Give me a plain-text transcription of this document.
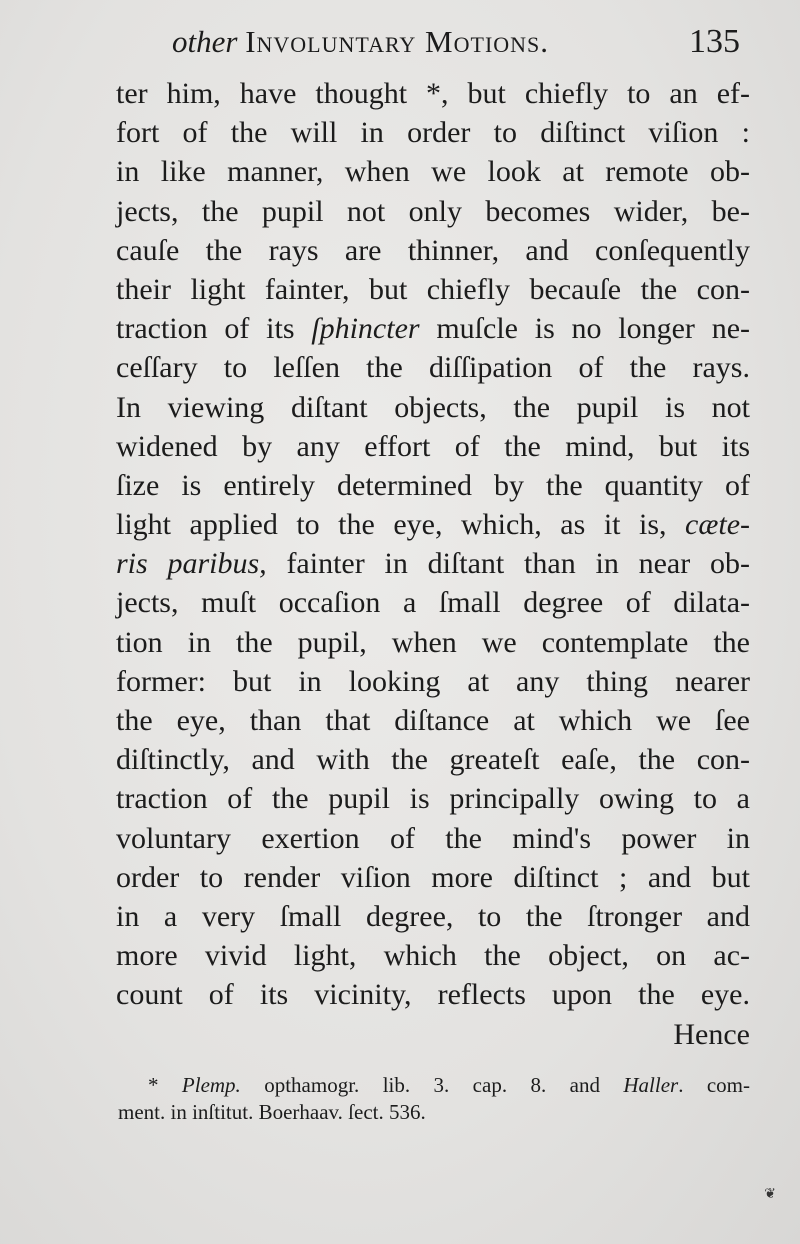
other Involuntary Motions.	135
ter him, have thought *, but chiefly to an ef-
fort of the will in order to diſtinct viſion :
in like manner, when we look at remote ob-
jects, the pupil not only becomes wider, be-
cauſe the rays are thinner, and conſequently
their light fainter, but chiefly becauſe the con-
traction of its ſphincter muſcle is no longer ne-
ceſſary to leſſen the diſſipation of the rays.
In viewing diſtant objects, the pupil is not
widened by any effort of the mind, but its
ſize is entirely determined by the quantity of
light applied to the eye, which, as it is, cæte-
ris paribus, fainter in diſtant than in near ob-
jects, muſt occaſion a ſmall degree of dilata-
tion in the pupil, when we contemplate the
former: but in looking at any thing nearer
the eye, than that diſtance at which we ſee
diſtinctly, and with the greateſt eaſe, the con-
traction of the pupil is principally owing to a
voluntary exertion of the mind's power in
order to render viſion more diſtinct ; and but
in a very ſmall degree, to the ſtronger and
more vivid light, which the object, on ac-
count of its vicinity, reflects upon the eye.
Hence
* Plemp. opthamogr. lib. 3. cap. 8. and Haller. com-
ment. in inſtitut. Boerhaav. ſect. 536.
❦
